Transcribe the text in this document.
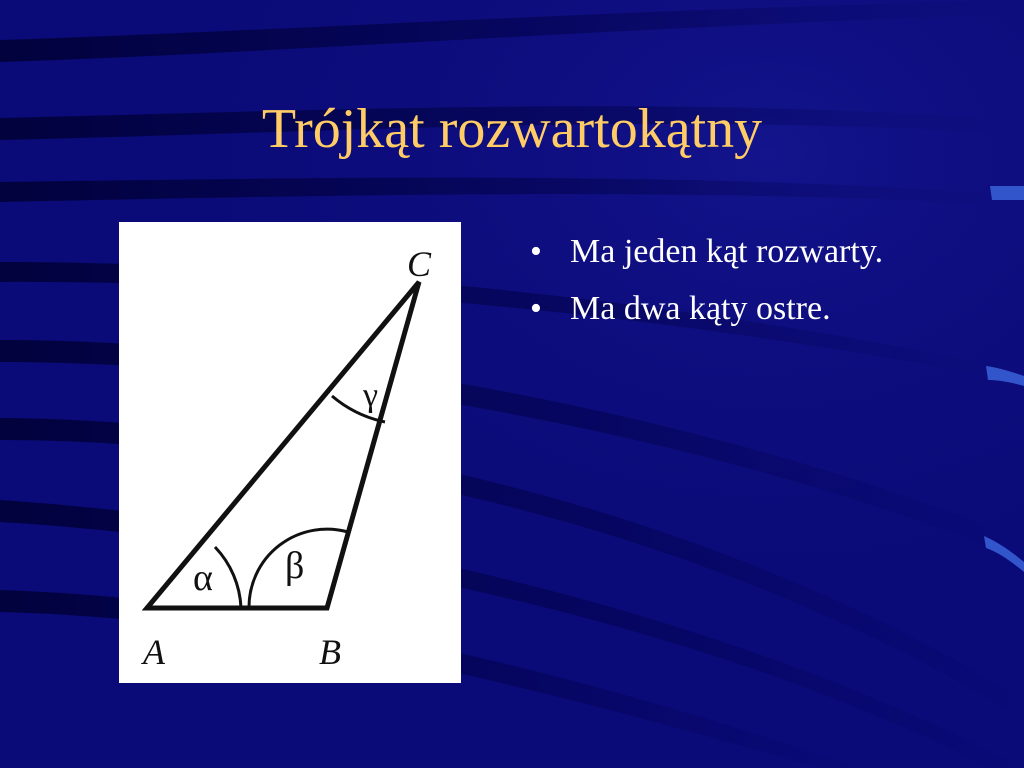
Trójkąt rozwartokątny
α β
γ
A	B
C	• Ma jeden kąt rozwarty.
• Ma dwa kąty ostre.
